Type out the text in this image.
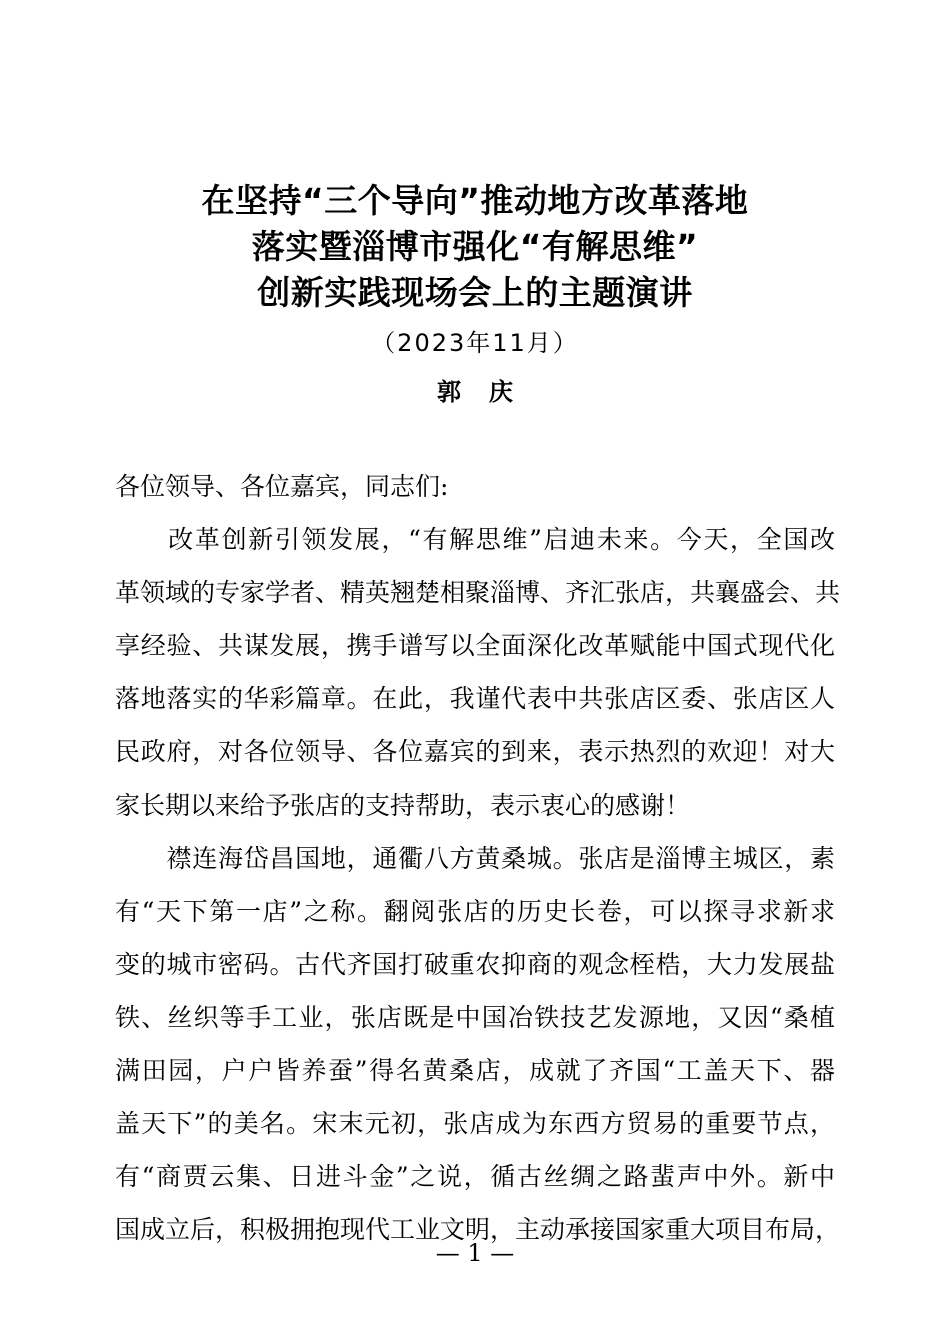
在坚持“三个导向”推动地方改革落地
落实暨淄博市强化“有解思维”
创新实践现场会上的主题演讲
（2023年11月）
郭 庆
各位领导、各位嘉宾，同志们:
　　改革创新引领发展，“有解思维”启迪未来。今天，全国改
革领域的专家学者、精英翘楚相聚淄博、齐汇张店，共襄盛会、共
享经验、共谋发展，携手谱写以全面深化改革赋能中国式现代化
落地落实的华彩篇章。在此，我谨代表中共张店区委、张店区人
民政府，对各位领导、各位嘉宾的到来，表示热烈的欢迎！对大
家长期以来给予张店的支持帮助，表示衷心的感谢！
　　襟连海岱昌国地，通衢八方黄桑城。张店是淄博主城区，素
有“天下第一店”之称。翻阅张店的历史长卷，可以探寻求新求
变的城市密码。古代齐国打破重农抑商的观念桎梏，大力发展盐
铁、丝织等手工业，张店既是中国冶铁技艺发源地，又因“桑植
满田园，户户皆养蚕”得名黄桑店，成就了齐国“工盖天下、器
盖天下”的美名。宋末元初，张店成为东西方贸易的重要节点，
有“商贾云集、日进斗金”之说，循古丝绸之路蜚声中外。新中
国成立后，积极拥抱现代工业文明，主动承接国家重大项目布局，
— 1 —
